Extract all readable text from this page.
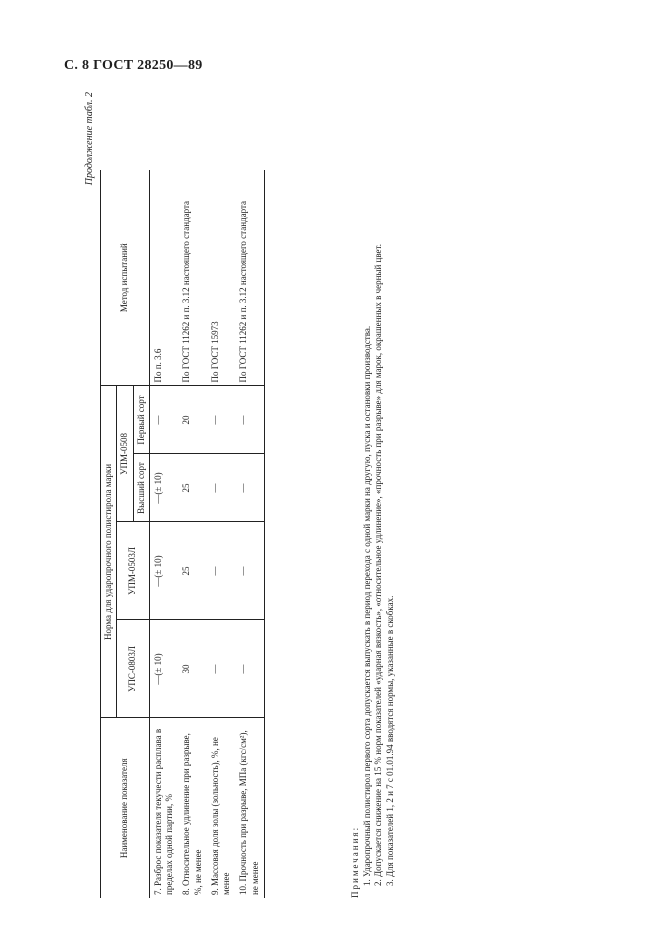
С. 8 ГОСТ 28250—89
Продолжение табл. 2
Наименование показателя	Норма для ударопрочного полистирола марки				Метод испытаний
	УПС-0803Л	УПМ-0503Л	УПМ-0508		
			Высший сорт	Первый сорт	
7. Разброс показателя текучести расплава в пределах одной партии, %	—(± 10)	—(± 10)	—(± 10)	—	По п. 3.6
8. Относительное удлинение при разрыве, %, не менее	30	25	25	20	По ГОСТ 11262 и п. 3.12 настоящего стандарта
9. Массовая доля золы (зольность), %, не менее	—	—	—	—	По ГОСТ 15973
10. Прочность при разрыве, МПа (кгс/см²), не менее	—	—	—	—	По ГОСТ 11262 и п. 3.12 настоящего стандарта

Примечания: 1. Ударопрочный полистирол первого сорта допускается выпускать в период перехода с одной марки на другую, пуска и остановки производства. 2. Допускается снижение на 15 % норм показателей «ударная вязкость», «относительное удлинение», «прочность при разрыве» для марок, окрашенных в черный цвет. 3. Для показателей 1, 2 и 7 с 01.01.94 вводятся нормы, указанные в скобках.
